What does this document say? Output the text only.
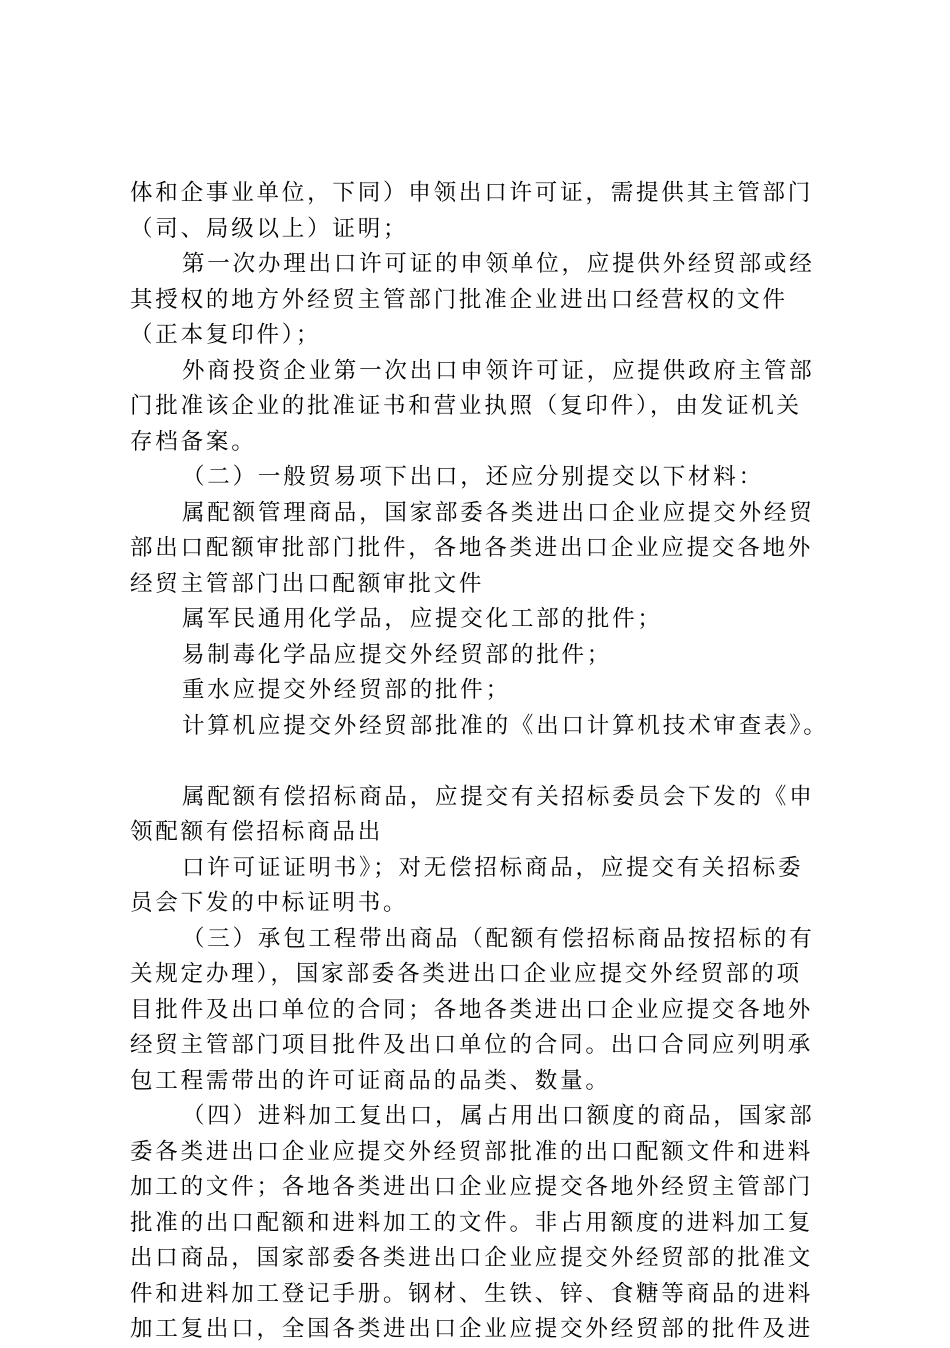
体和企事业单位，下同）申领出口许可证，需提供其主管部门

（司、局级以上）证明；

第一次办理出口许可证的申领单位，应提供外经贸部或经

其授权的地方外经贸主管部门批准企业进出口经营权的文件

（正本复印件）；

外商投资企业第一次出口申领许可证，应提供政府主管部

门批准该企业的批准证书和营业执照（复印件），由发证机关

存档备案。

（二）一般贸易项下出口，还应分别提交以下材料：

属配额管理商品，国家部委各类进出口企业应提交外经贸

部出口配额审批部门批件，各地各类进出口企业应提交各地外

经贸主管部门出口配额审批文件

属军民通用化学品，应提交化工部的批件；

易制毒化学品应提交外经贸部的批件；

重水应提交外经贸部的批件；

计算机应提交外经贸部批准的《出口计算机技术审查表》。

属配额有偿招标商品，应提交有关招标委员会下发的《申

领配额有偿招标商品出

口许可证证明书》；对无偿招标商品，应提交有关招标委

员会下发的中标证明书。

（三）承包工程带出商品（配额有偿招标商品按招标的有

关规定办理），国家部委各类进出口企业应提交外经贸部的项

目批件及出口单位的合同；各地各类进出口企业应提交各地外

经贸主管部门项目批件及出口单位的合同。出口合同应列明承

包工程需带出的许可证商品的品类、数量。

（四）进料加工复出口，属占用出口额度的商品，国家部

委各类进出口企业应提交外经贸部批准的出口配额文件和进料

加工的文件；各地各类进出口企业应提交各地外经贸主管部门

批准的出口配额和进料加工的文件。非占用额度的进料加工复

出口商品，国家部委各类进出口企业应提交外经贸部的批准文

件和进料加工登记手册。钢材、生铁、锌、食糖等商品的进料

加工复出口，全国各类进出口企业应提交外经贸部的批件及进
